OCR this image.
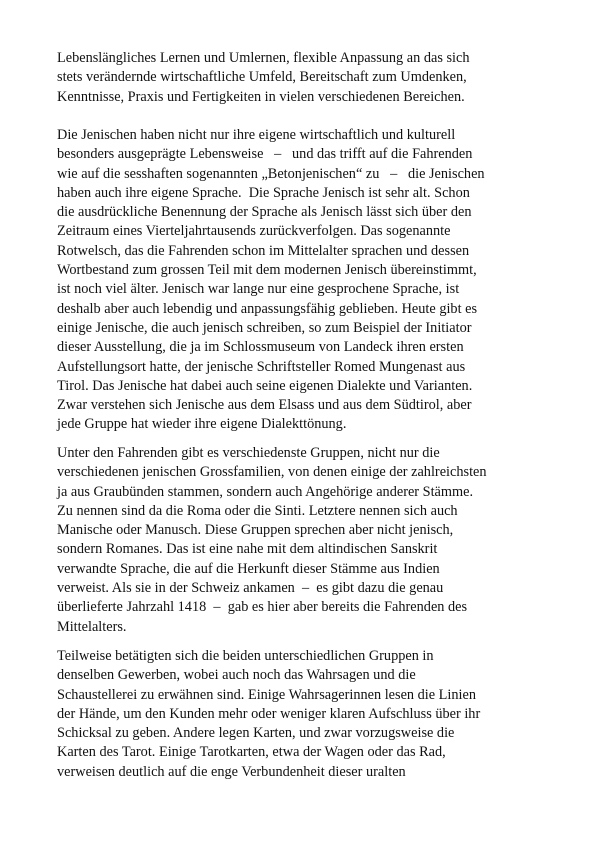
Lebenslängliches Lernen und Umlernen, flexible Anpassung an das sich
stets verändernde wirtschaftliche Umfeld, Bereitschaft zum Umdenken,
Kenntnisse, Praxis und Fertigkeiten in vielen verschiedenen Bereichen.
Die Jenischen haben nicht nur ihre eigene wirtschaftlich und kulturell
besonders ausgeprägte Lebensweise   –   und das trifft auf die Fahrenden
wie auf die sesshaften sogenannten „Betonjenischen“ zu   –   die Jenischen
haben auch ihre eigene Sprache.  Die Sprache Jenisch ist sehr alt. Schon
die ausdrückliche Benennung der Sprache als Jenisch lässt sich über den
Zeitraum eines Vierteljahrtausends zurückverfolgen. Das sogenannte
Rotwelsch, das die Fahrenden schon im Mittelalter sprachen und dessen
Wortbestand zum grossen Teil mit dem modernen Jenisch übereinstimmt,
ist noch viel älter. Jenisch war lange nur eine gesprochene Sprache, ist
deshalb aber auch lebendig und anpassungsfähig geblieben. Heute gibt es
einige Jenische, die auch jenisch schreiben, so zum Beispiel der Initiator
dieser Ausstellung, die ja im Schlossmuseum von Landeck ihren ersten
Aufstellungsort hatte, der jenische Schriftsteller Romed Mungenast aus
Tirol. Das Jenische hat dabei auch seine eigenen Dialekte und Varianten.
Zwar verstehen sich Jenische aus dem Elsass und aus dem Südtirol, aber
jede Gruppe hat wieder ihre eigene Dialekttönung.
Unter den Fahrenden gibt es verschiedenste Gruppen, nicht nur die
verschiedenen jenischen Grossfamilien, von denen einige der zahlreichsten
ja aus Graubünden stammen, sondern auch Angehörige anderer Stämme.
Zu nennen sind da die Roma oder die Sinti. Letztere nennen sich auch
Manische oder Manusch. Diese Gruppen sprechen aber nicht jenisch,
sondern Romanes. Das ist eine nahe mit dem altindischen Sanskrit
verwandte Sprache, die auf die Herkunft dieser Stämme aus Indien
verweist. Als sie in der Schweiz ankamen  –  es gibt dazu die genau
überlieferte Jahrzahl 1418  –  gab es hier aber bereits die Fahrenden des
Mittelalters.
Teilweise betätigten sich die beiden unterschiedlichen Gruppen in
denselben Gewerben, wobei auch noch das Wahrsagen und die
Schaustellerei zu erwähnen sind. Einige Wahrsagerinnen lesen die Linien
der Hände, um den Kunden mehr oder weniger klaren Aufschluss über ihr
Schicksal zu geben. Andere legen Karten, und zwar vorzugsweise die
Karten des Tarot. Einige Tarotkarten, etwa der Wagen oder das Rad,
verweisen deutlich auf die enge Verbundenheit dieser uralten
